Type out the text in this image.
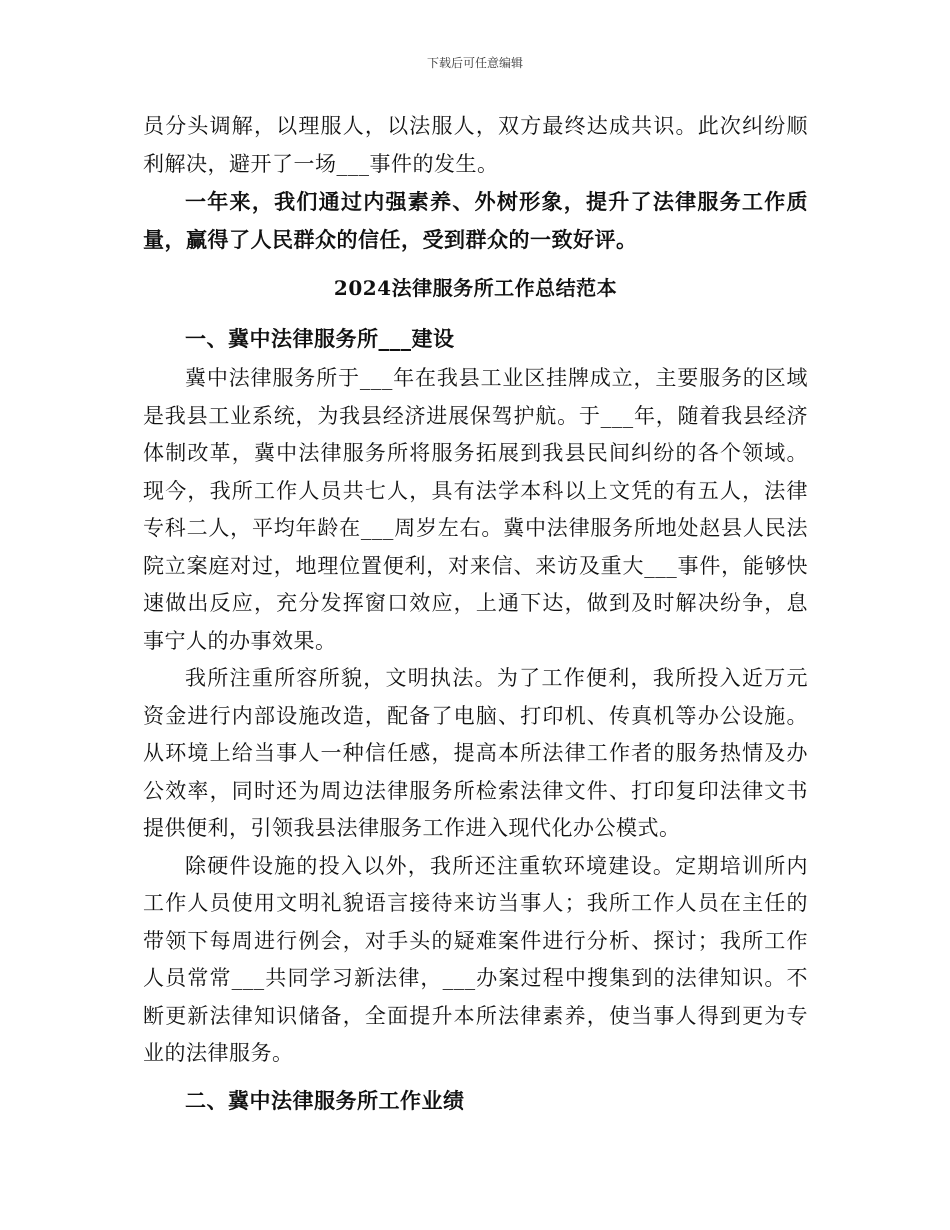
下载后可任意编辑

员分头调解，以理服人，以法服人，双方最终达成共识。此次纠纷顺利解决，避开了一场___事件的发生。

一年来，我们通过内强素养、外树形象，提升了法律服务工作质量，赢得了人民群众的信任，受到群众的一致好评。

2024法律服务所工作总结范本

一、冀中法律服务所___建设

冀中法律服务所于___年在我县工业区挂牌成立，主要服务的区域是我县工业系统，为我县经济进展保驾护航。于___年，随着我县经济体制改革，冀中法律服务所将服务拓展到我县民间纠纷的各个领域。现今，我所工作人员共七人，具有法学本科以上文凭的有五人，法律专科二人，平均年龄在___周岁左右。冀中法律服务所地处赵县人民法院立案庭对过，地理位置便利，对来信、来访及重大___事件，能够快速做出反应，充分发挥窗口效应，上通下达，做到及时解决纷争，息事宁人的办事效果。

我所注重所容所貌，文明执法。为了工作便利，我所投入近万元资金进行内部设施改造，配备了电脑、打印机、传真机等办公设施。从环境上给当事人一种信任感，提高本所法律工作者的服务热情及办公效率，同时还为周边法律服务所检索法律文件、打印复印法律文书提供便利，引领我县法律服务工作进入现代化办公模式。

除硬件设施的投入以外，我所还注重软环境建设。定期培训所内工作人员使用文明礼貌语言接待来访当事人；我所工作人员在主任的带领下每周进行例会，对手头的疑难案件进行分析、探讨；我所工作人员常常___共同学习新法律，___办案过程中搜集到的法律知识。不断更新法律知识储备，全面提升本所法律素养，使当事人得到更为专业的法律服务。

二、冀中法律服务所工作业绩
